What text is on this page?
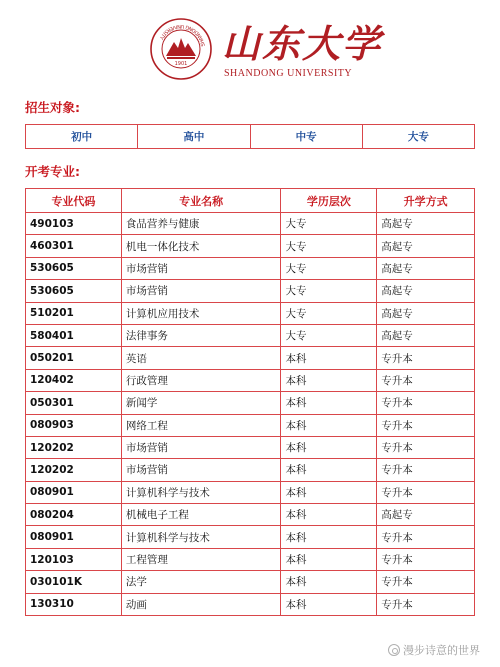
SHANDONG UNIVERSITY
1901 山东大学
SHANDONG UNIVERSITY
招生对象:
初中	高中	中专	大专
开考专业:
专业代码	专业名称	学历层次	升学方式
490103	食品营养与健康	大专	高起专
460301	机电一体化技术	大专	高起专
530605	市场营销	大专	高起专
530605	市场营销	大专	高起专
510201	计算机应用技术	大专	高起专
580401	法律事务	大专	高起专
050201	英语	本科	专升本
120402	行政管理	本科	专升本
050301	新闻学	本科	专升本
080903	网络工程	本科	专升本
120202	市场营销	本科	专升本
120202	市场营销	本科	专升本
080901	计算机科学与技术	本科	专升本
080204	机械电子工程	本科	高起专
080901	计算机科学与技术	本科	专升本
120103	工程管理	本科	专升本
030101K	法学	本科	专升本
130310	动画	本科	专升本
漫步诗意的世界
